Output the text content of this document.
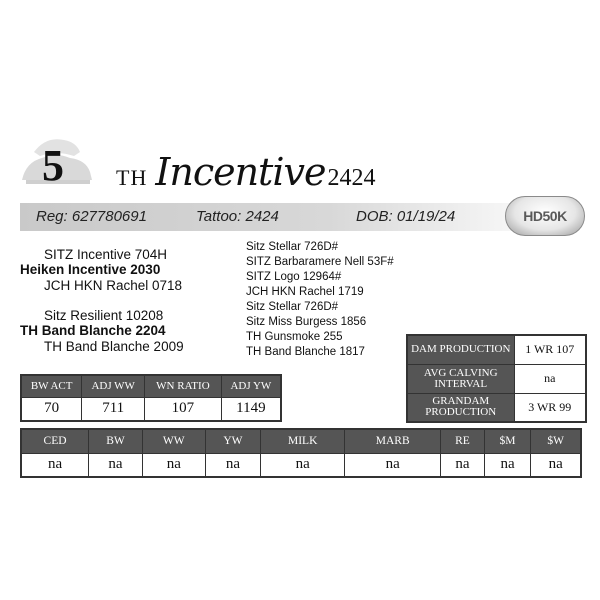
5 TH Incentive 2424
Reg: 627780691	Tattoo: 2424	DOB: 01/19/24	HD50K
SITZ Incentive 704H
Heiken Incentive 2030
JCH HKN Rachel 0718
Sitz Resilient 10208
TH Band Blanche 2204
TH Band Blanche 2009
Sitz Stellar 726D#
SITZ Barbaramere Nell 53F#
SITZ Logo 12964#
JCH HKN Rachel 1719
Sitz Stellar 726D#
Sitz Miss Burgess 1856
TH Gunsmoke 255
TH Band Blanche 1817	DAM PRODUCTION	1 WR 107
AVG CALVING INTERVAL	na
GRANDAM PRODUCTION	3 WR 99
BW ACT	ADJ WW	WN RATIO	ADJ YW
70	711	107	1149
CED	BW	WW	YW	MILK	MARB	RE	$M	$W
na	na	na	na	na	na	na	na	na
